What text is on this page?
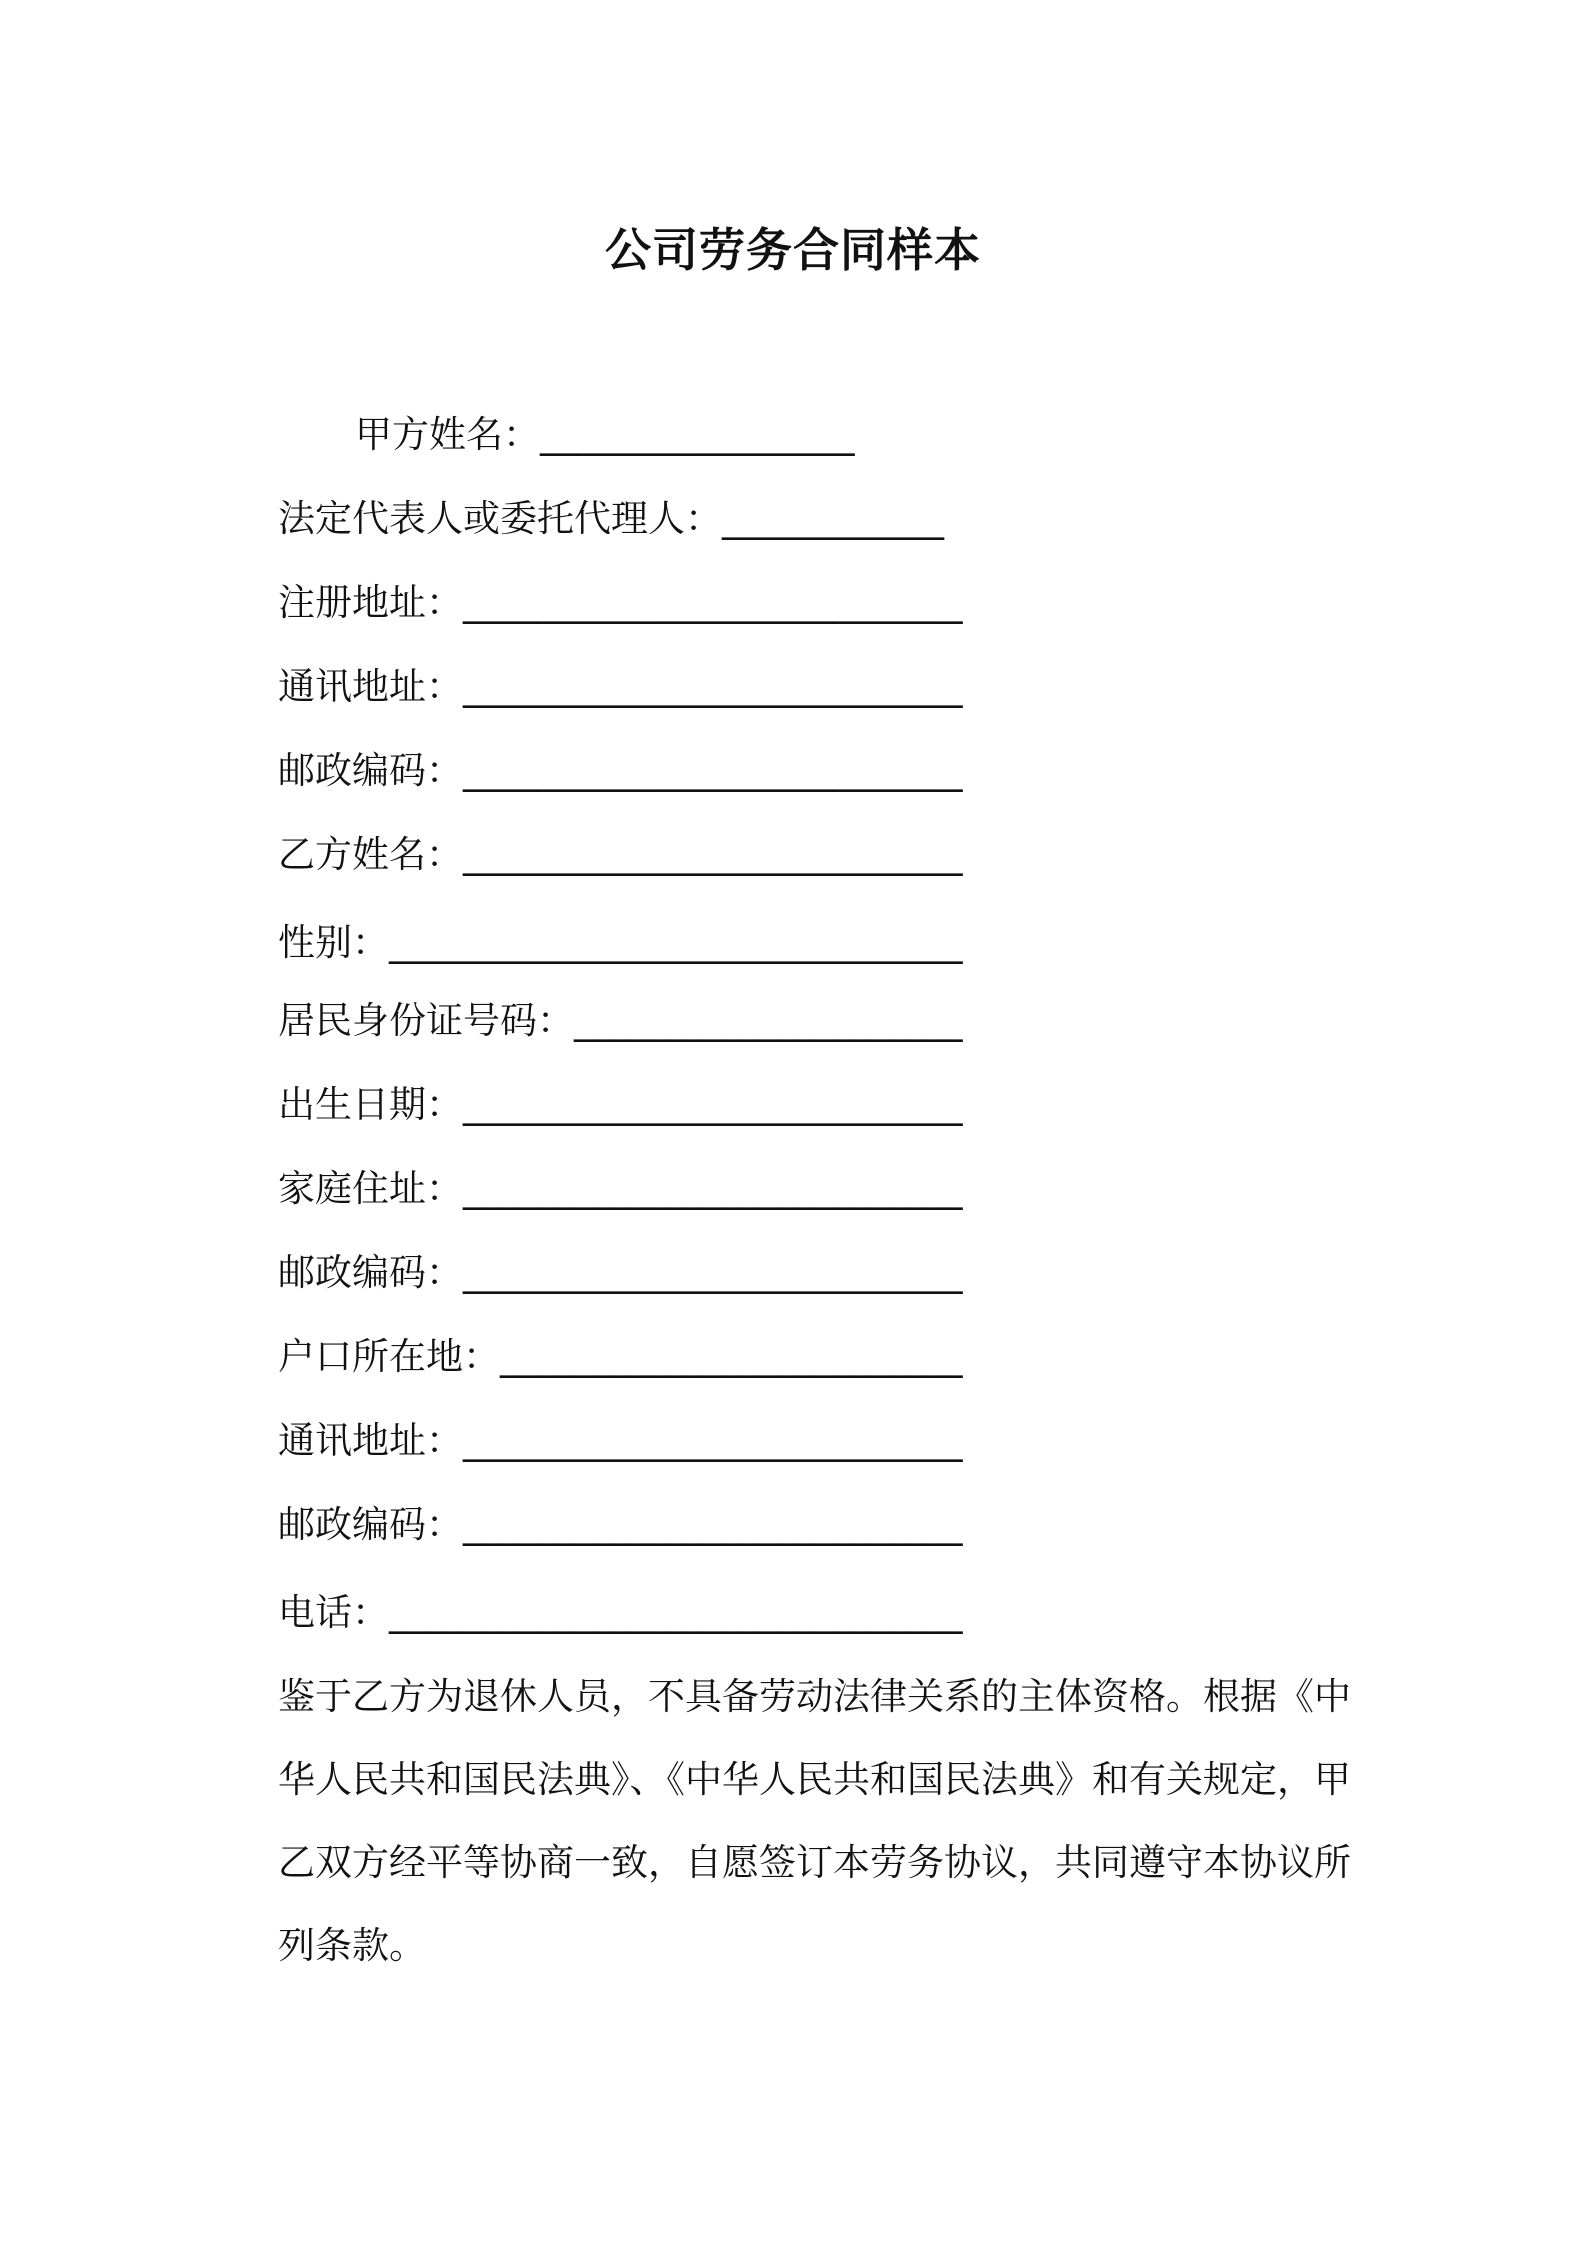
公司劳务合同样本
甲方姓名：_________________
法定代表人或委托代理人：____________
注册地址：___________________________
通讯地址：___________________________
邮政编码：___________________________
乙方姓名：___________________________
性别：_______________________________
居民身份证号码：_____________________
出生日期：___________________________
家庭住址：___________________________
邮政编码：___________________________
户口所在地：_________________________
通讯地址：___________________________
邮政编码：___________________________
电话：_______________________________
鉴于乙方为退休人员，不具备劳动法律关系的主体资格。根据《中
华人民共和国民法典》、《中华人民共和国民法典》和有关规定，甲
乙双方经平等协商一致，自愿签订本劳务协议，共同遵守本协议所
列条款。
